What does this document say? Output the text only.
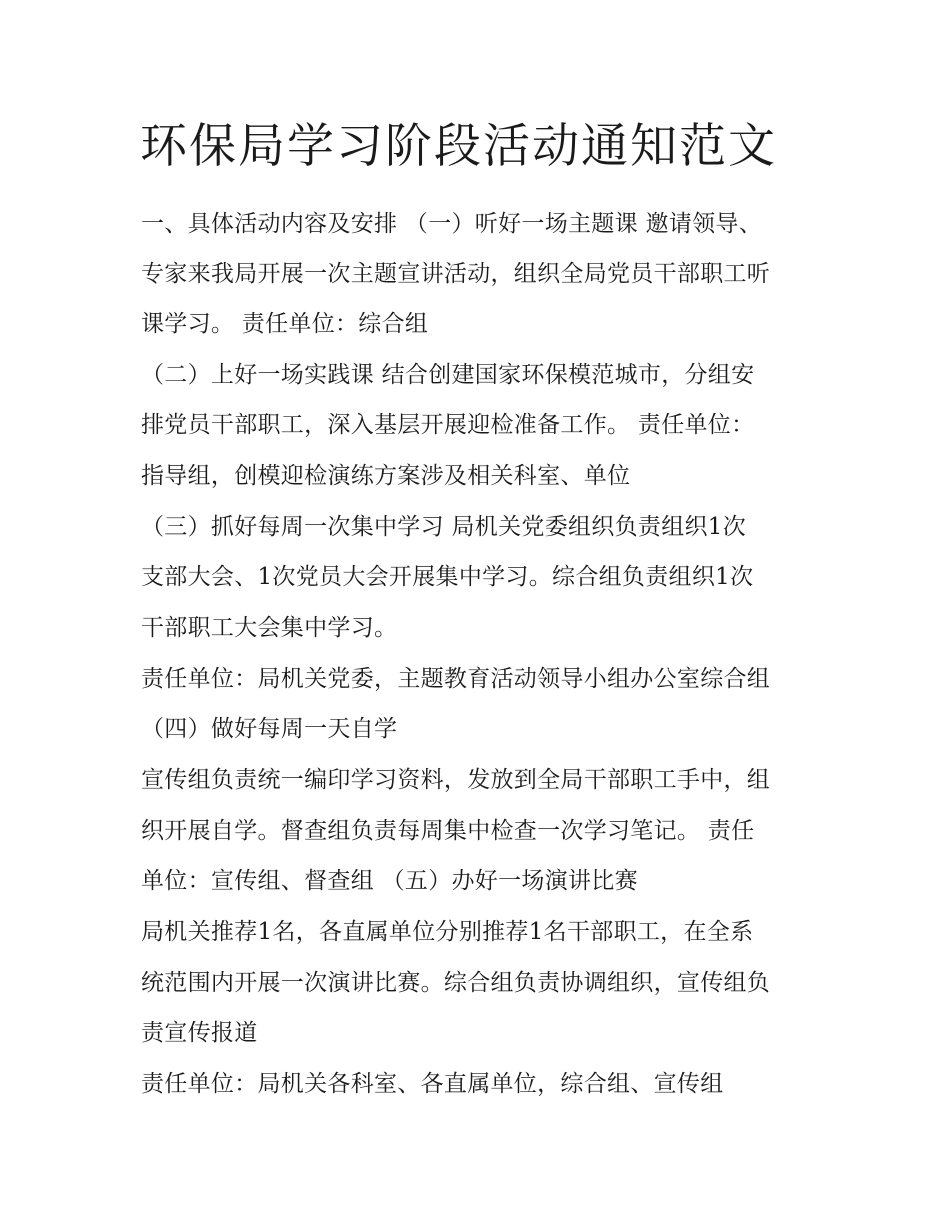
环保局学习阶段活动通知范文

一、具体活动内容及安排 （一）听好一场主题课 邀请领导、

专家来我局开展一次主题宣讲活动，组织全局党员干部职工听

课学习。 责任单位：综合组

（二）上好一场实践课 结合创建国家环保模范城市，分组安

排党员干部职工，深入基层开展迎检准备工作。 责任单位：

指导组，创模迎检演练方案涉及相关科室、单位

（三）抓好每周一次集中学习 局机关党委组织负责组织1次

支部大会、1次党员大会开展集中学习。综合组负责组织1次

干部职工大会集中学习。

责任单位：局机关党委，主题教育活动领导小组办公室综合组

（四）做好每周一天自学

宣传组负责统一编印学习资料，发放到全局干部职工手中，组

织开展自学。督查组负责每周集中检查一次学习笔记。 责任

单位：宣传组、督查组 （五）办好一场演讲比赛

局机关推荐1名，各直属单位分别推荐1名干部职工，在全系

统范围内开展一次演讲比赛。综合组负责协调组织，宣传组负

责宣传报道

责任单位：局机关各科室、各直属单位，综合组、宣传组
